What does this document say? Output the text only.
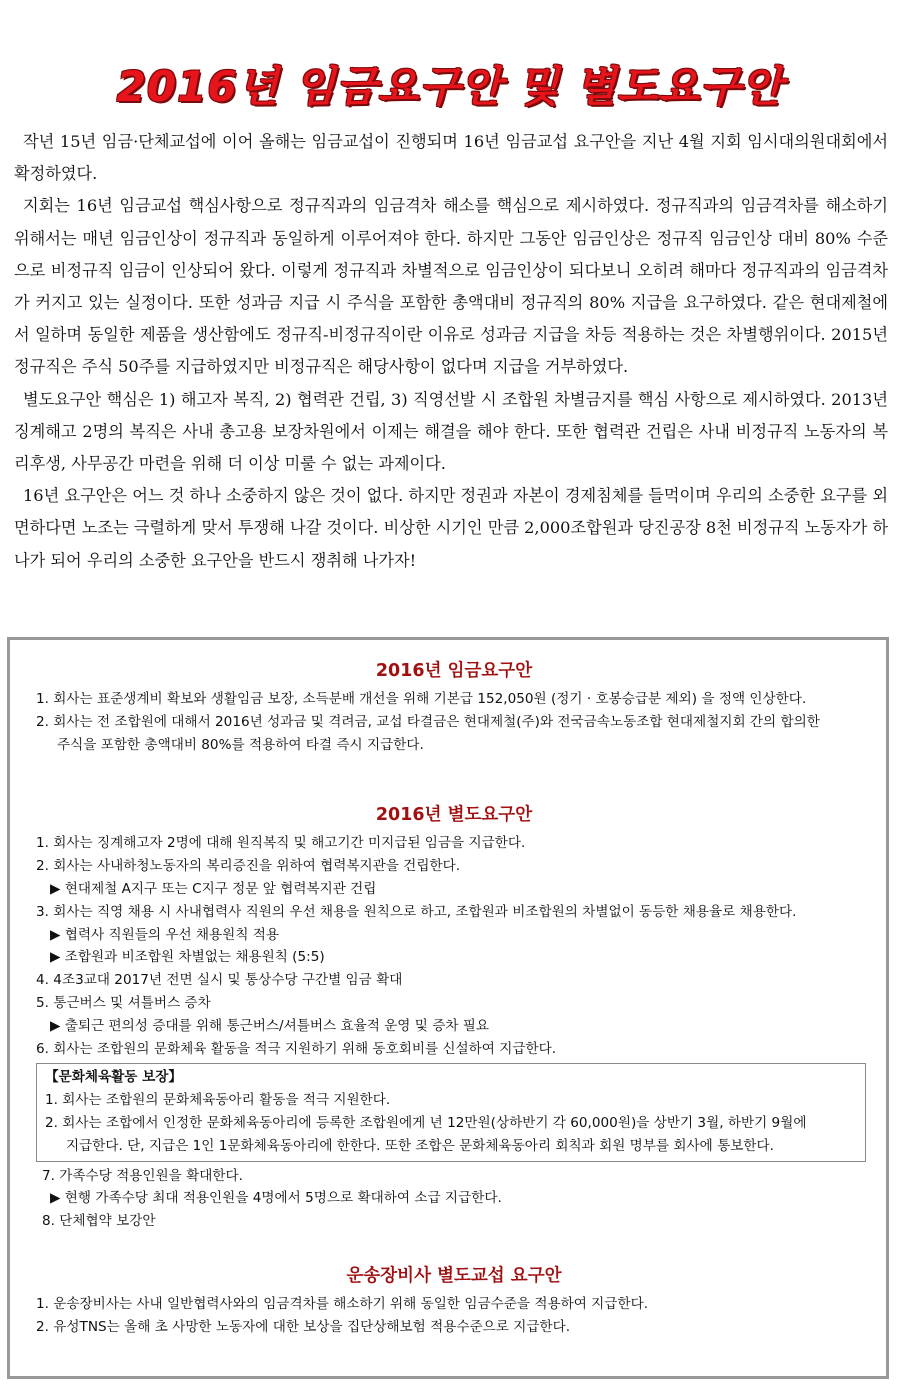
2016년 임금요구안 및 별도요구안

작년 15년 임금·단체교섭에 이어 올해는 임금교섭이 진행되며 16년 임금교섭 요구안을 지난 4월 지회 임시대의원대회에서 확정하였다.

지회는 16년 임금교섭 핵심사항으로 정규직과의 임금격차 해소를 핵심으로 제시하였다. 정규직과의 임금격차를 해소하기 위해서는 매년 임금인상이 정규직과 동일하게 이루어져야 한다. 하지만 그동안 임금인상은 정규직 임금인상 대비 80% 수준으로 비정규직 임금이 인상되어 왔다. 이렇게 정규직과 차별적으로 임금인상이 되다보니 오히려 해마다 정규직과의 임금격차가 커지고 있는 실정이다. 또한 성과금 지급 시 주식을 포함한 총액대비 정규직의 80% 지급을 요구하였다. 같은 현대제철에서 일하며 동일한 제품을 생산함에도 정규직-비정규직이란 이유로 성과금 지급을 차등 적용하는 것은 차별행위이다. 2015년 정규직은 주식 50주를 지급하였지만 비정규직은 해당사항이 없다며 지급을 거부하였다.

별도요구안 핵심은 1) 해고자 복직, 2) 협력관 건립, 3) 직영선발 시 조합원 차별금지를 핵심 사항으로 제시하였다. 2013년 징계해고 2명의 복직은 사내 총고용 보장차원에서 이제는 해결을 해야 한다. 또한 협력관 건립은 사내 비정규직 노동자의 복리후생, 사무공간 마련을 위해 더 이상 미룰 수 없는 과제이다.

16년 요구안은 어느 것 하나 소중하지 않은 것이 없다. 하지만 정권과 자본이 경제침체를 들먹이며 우리의 소중한 요구를 외면하다면 노조는 극렬하게 맞서 투쟁해 나갈 것이다. 비상한 시기인 만큼 2,000조합원과 당진공장 8천 비정규직 노동자가 하나가 되어 우리의 소중한 요구안을 반드시 쟁취해 나가자!

2016년 임금요구안
1. 회사는 표준생계비 확보와 생활임금 보장, 소득분배 개선을 위해 기본급 152,050원 (정기 · 호봉승급분 제외) 을 정액 인상한다.
2. 회사는 전 조합원에 대해서 2016년 성과금 및 격려금, 교섭 타결금은 현대제철(주)와 전국금속노동조합 현대제철지회 간의 합의한
주식을 포함한 총액대비 80%를 적용하여 타결 즉시 지급한다.
2016년 별도요구안
1. 회사는 징계해고자 2명에 대해 원직복직 및 해고기간 미지급된 임금을 지급한다.
2. 회사는 사내하청노동자의 복리증진을 위하여 협력복지관을 건립한다.
▶ 현대제철 A지구 또는 C지구 정문 앞 협력복지관 건립
3. 회사는 직영 채용 시 사내협력사 직원의 우선 채용을 원칙으로 하고, 조합원과 비조합원의 차별없이 동등한 채용율로 채용한다.
▶ 협력사 직원들의 우선 채용원칙 적용
▶ 조합원과 비조합원 차별없는 채용원칙 (5:5)
4. 4조3교대 2017년 전면 실시 및 통상수당 구간별 임금 확대
5. 통근버스 및 셔틀버스 증차
▶ 출퇴근 편의성 증대를 위해 통근버스/셔틀버스 효율적 운영 및 증차 필요
6. 회사는 조합원의 문화체육 활동을 적극 지원하기 위해 동호회비를 신설하여 지급한다.
【문화체육활동 보장】
1. 회사는 조합원의 문화체육동아리 활동을 적극 지원한다.
2. 회사는 조합에서 인정한 문화체육동아리에 등록한 조합원에게 년 12만원(상하반기 각 60,000원)을 상반기 3월, 하반기 9월에
지급한다. 단, 지급은 1인 1문화체육동아리에 한한다. 또한 조합은 문화체육동아리 회칙과 회원 명부를 회사에 통보한다.
7. 가족수당 적용인원을 확대한다.
▶ 현행 가족수당 최대 적용인원을 4명에서 5명으로 확대하여 소급 지급한다.
8. 단체협약 보강안
운송장비사 별도교섭 요구안
1. 운송장비사는 사내 일반협력사와의 임금격차를 해소하기 위해 동일한 임금수준을 적용하여 지급한다.
2. 유성TNS는 올해 초 사망한 노동자에 대한 보상을 집단상해보험 적용수준으로 지급한다.
